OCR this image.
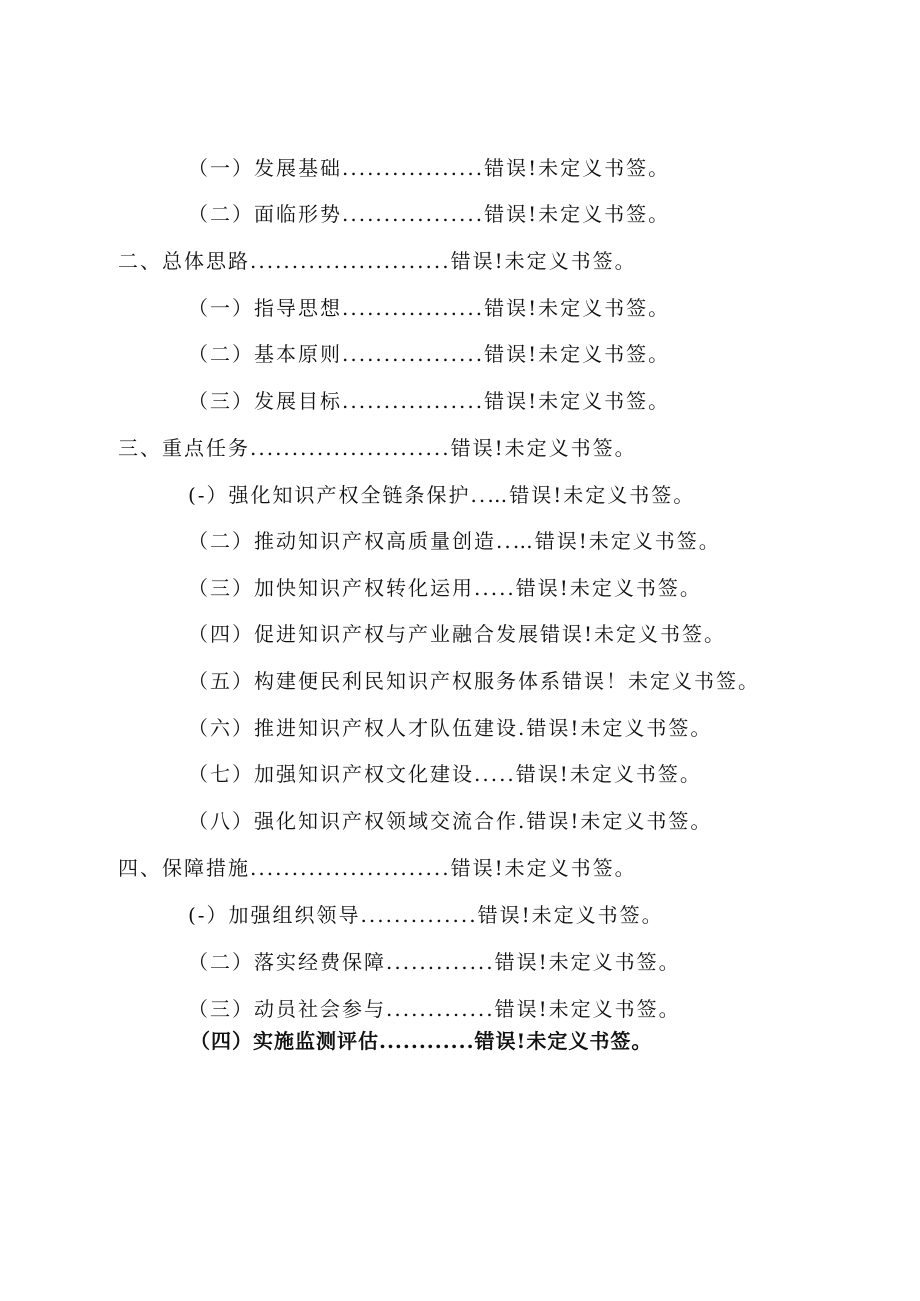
（一）发展基础.................错误!未定义书签。
（二）面临形势.................错误!未定义书签。
二、总体思路........................错误!未定义书签。
（一）指导思想.................错误!未定义书签。
（二）基本原则.................错误!未定义书签。
（三）发展目标.................错误!未定义书签。
三、重点任务........................错误!未定义书签。
(-）强化知识产权全链条保护..…错误!未定义书签。
（二）推动知识产权高质量创造..…错误!未定义书签。
（三）加快知识产权转化运用.....错误!未定义书签。
（四）促进知识产权与产业融合发展错误!未定义书签。
（五）构建便民利民知识产权服务体系错误！未定义书签。
（六）推进知识产权人才队伍建设.错误!未定义书签。
（七）加强知识产权文化建设.....错误!未定义书签。
（八）强化知识产权领域交流合作.错误!未定义书签。
四、保障措施........................错误!未定义书签。
(-）加强组织领导..............错误!未定义书签。
（二）落实经费保障.............错误!未定义书签。
（三）动员社会参与.............错误!未定义书签。
（四）实施监测评估............错误!未定义书签。
